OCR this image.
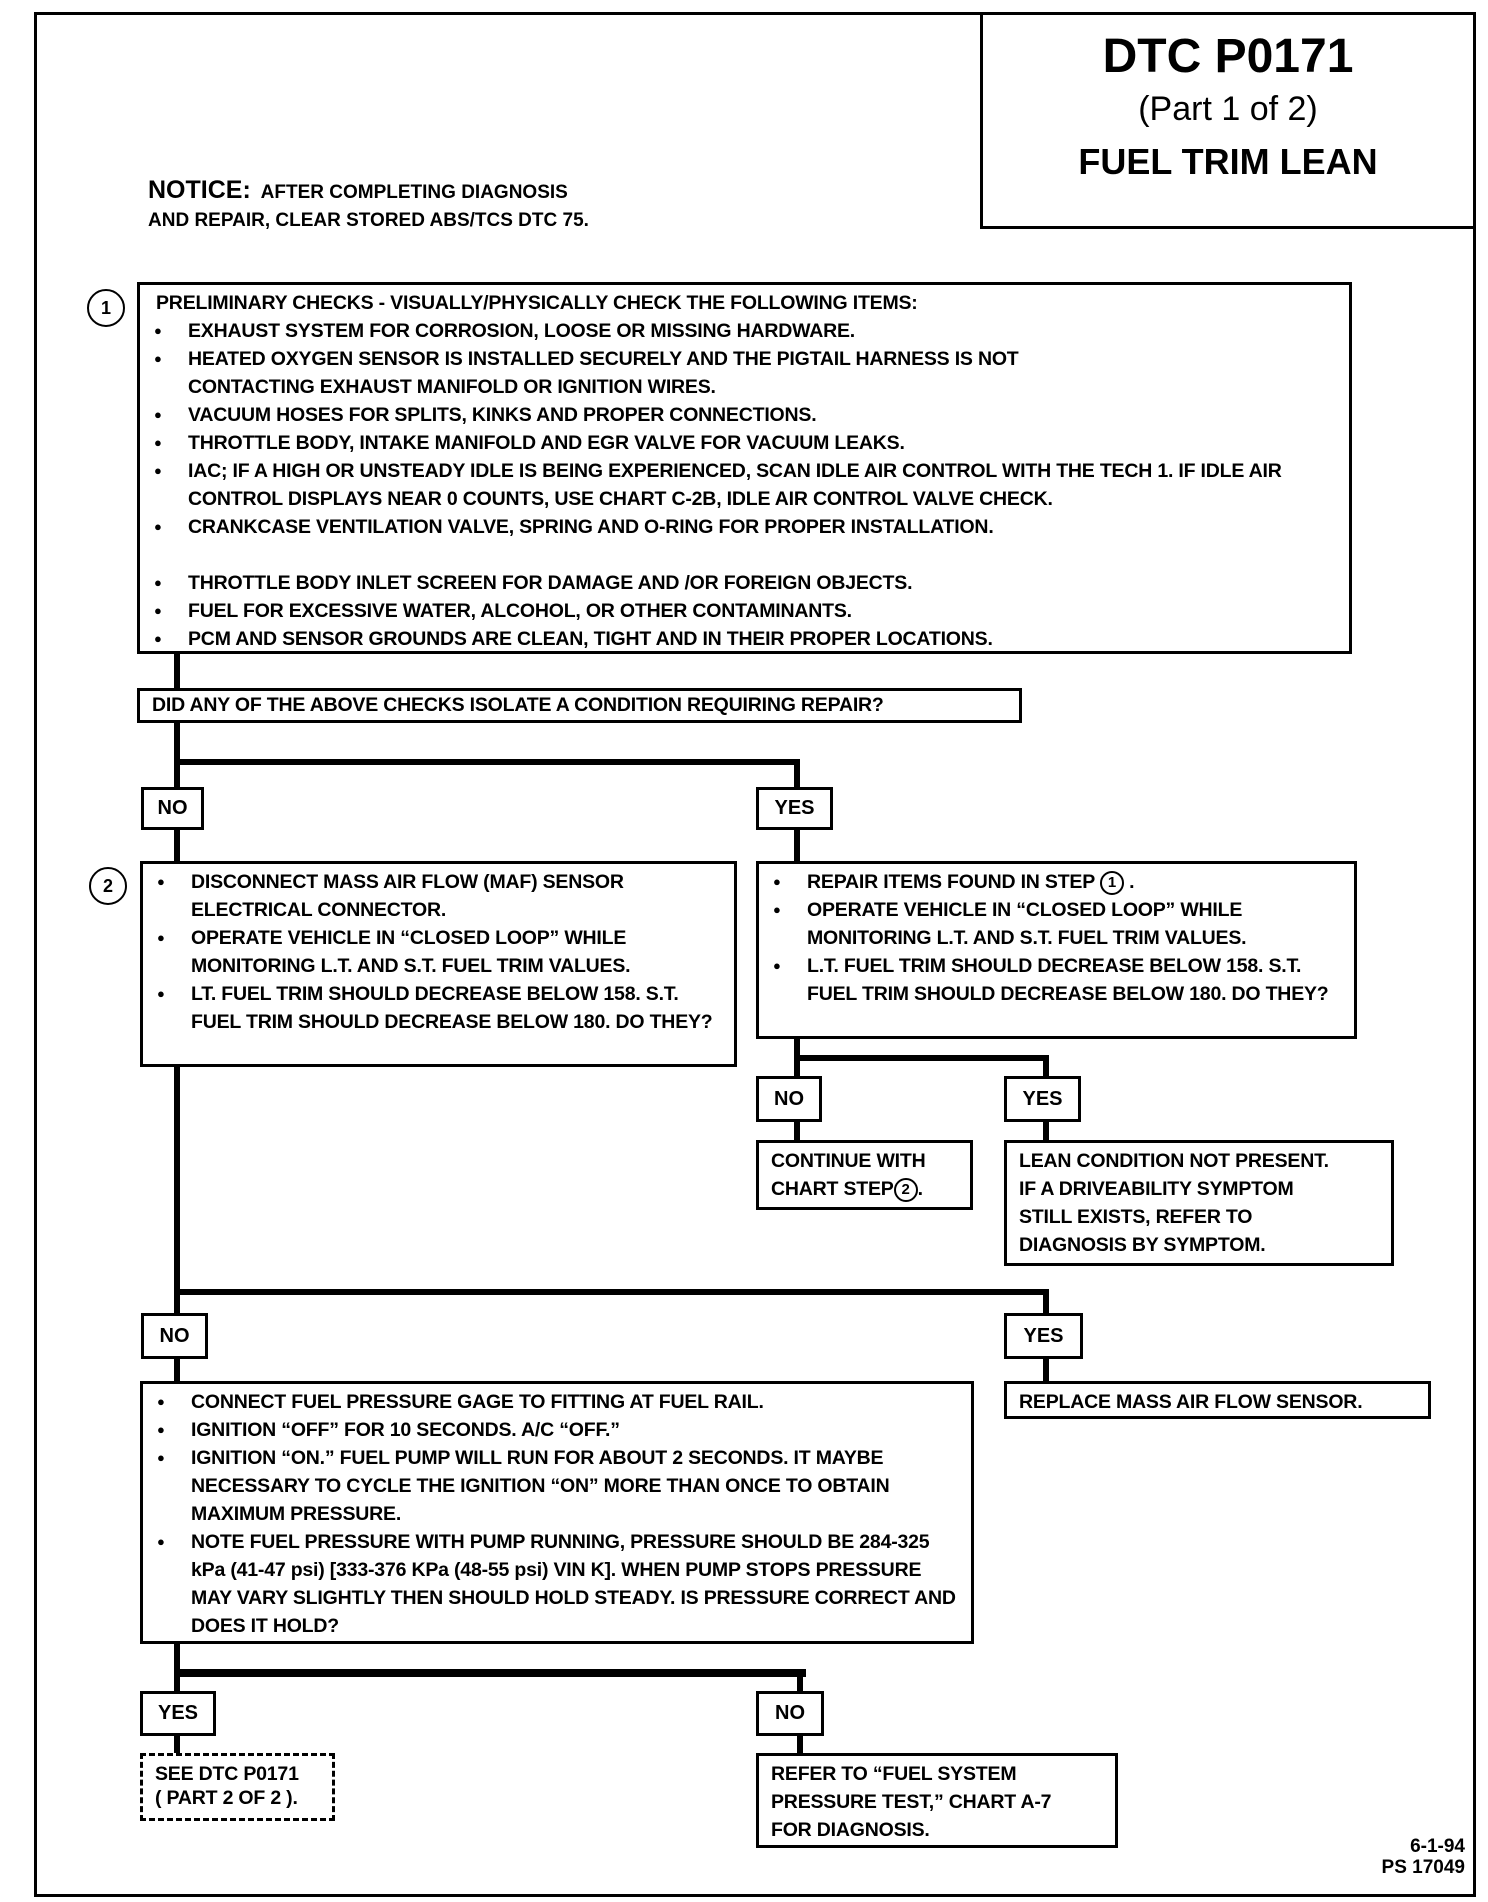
DTC P0171
(Part 1 of 2)
FUEL TRIM LEAN
NOTICE: AFTER COMPLETING DIAGNOSIS
AND REPAIR, CLEAR STORED ABS/TCS DTC 75.
1	PRELIMINARY CHECKS - VISUALLY/PHYSICALLY CHECK THE FOLLOWING ITEMS:
● EXHAUST SYSTEM FOR CORROSION, LOOSE OR MISSING HARDWARE.
● HEATED OXYGEN SENSOR IS INSTALLED SECURELY AND THE PIGTAIL HARNESS IS NOT CONTACTING EXHAUST MANIFOLD OR IGNITION WIRES.
● VACUUM HOSES FOR SPLITS, KINKS AND PROPER CONNECTIONS.
● THROTTLE BODY, INTAKE MANIFOLD AND EGR VALVE FOR VACUUM LEAKS.
● IAC; IF A HIGH OR UNSTEADY IDLE IS BEING EXPERIENCED, SCAN IDLE AIR CONTROL WITH THE TECH 1. IF IDLE AIR CONTROL DISPLAYS NEAR 0 COUNTS, USE CHART C-2B, IDLE AIR CONTROL VALVE CHECK.
● CRANKCASE VENTILATION VALVE, SPRING AND O-RING FOR PROPER INSTALLATION.
● THROTTLE BODY INLET SCREEN FOR DAMAGE AND /OR FOREIGN OBJECTS.
● FUEL FOR EXCESSIVE WATER, ALCOHOL, OR OTHER CONTAMINANTS.
● PCM AND SENSOR GROUNDS ARE CLEAN, TIGHT AND IN THEIR PROPER LOCATIONS.
DID ANY OF THE ABOVE CHECKS ISOLATE A CONDITION REQUIRING REPAIR?
NO	YES
2	● DISCONNECT MASS AIR FLOW (MAF) SENSOR ELECTRICAL CONNECTOR.
● OPERATE VEHICLE IN “CLOSED LOOP” WHILE MONITORING L.T. AND S.T. FUEL TRIM VALUES.
● LT. FUEL TRIM SHOULD DECREASE BELOW 158. S.T. FUEL TRIM SHOULD DECREASE BELOW 180. DO THEY?
● REPAIR ITEMS FOUND IN STEP 1 .
● OPERATE VEHICLE IN “CLOSED LOOP” WHILE MONITORING L.T. AND S.T. FUEL TRIM VALUES.
● L.T. FUEL TRIM SHOULD DECREASE BELOW 158. S.T. FUEL TRIM SHOULD DECREASE BELOW 180. DO THEY?
NO	YES
CONTINUE WITH
CHART STEP 2 .
LEAN CONDITION NOT PRESENT.
IF A DRIVEABILITY SYMPTOM
STILL EXISTS, REFER TO
DIAGNOSIS BY SYMPTOM.
NO	YES
● CONNECT FUEL PRESSURE GAGE TO FITTING AT FUEL RAIL.
● IGNITION “OFF” FOR 10 SECONDS. A/C “OFF.”
● IGNITION “ON.” FUEL PUMP WILL RUN FOR ABOUT 2 SECONDS. IT MAYBE NECESSARY TO CYCLE THE IGNITION “ON” MORE THAN ONCE TO OBTAIN MAXIMUM PRESSURE.
● NOTE FUEL PRESSURE WITH PUMP RUNNING, PRESSURE SHOULD BE 284-325 kPa (41-47 psi) [333-376 KPa (48-55 psi) VIN K]. WHEN PUMP STOPS PRESSURE MAY VARY SLIGHTLY THEN SHOULD HOLD STEADY. IS PRESSURE CORRECT AND DOES IT HOLD?
REPLACE MASS AIR FLOW SENSOR.
YES	NO
SEE DTC P0171
( PART 2 OF 2 ).
REFER TO “FUEL SYSTEM
PRESSURE TEST,” CHART A-7
FOR DIAGNOSIS.
6-1-94
PS 17049
